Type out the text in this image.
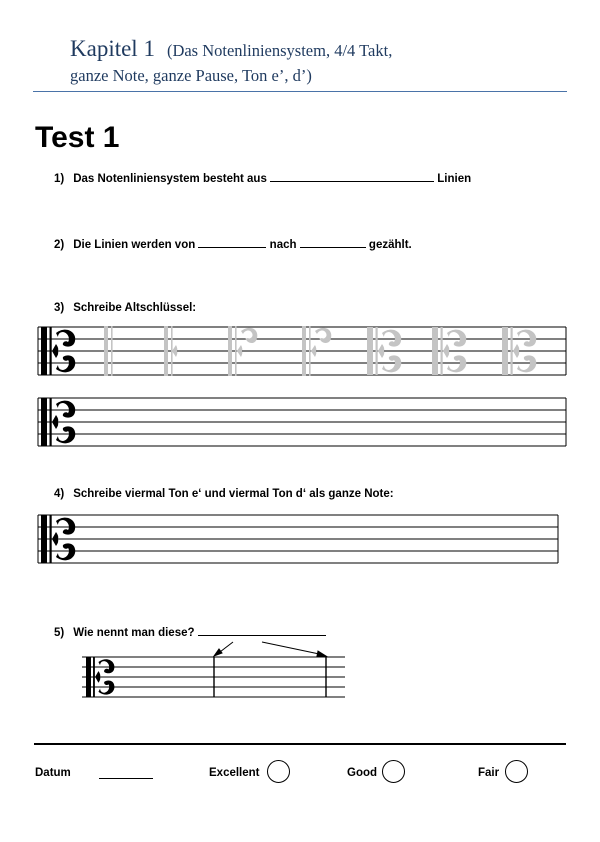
Kapitel 1 (Das Notenliniensystem, 4/4 Takt,
ganze Note, ganze Pause, Ton e’, d’)
Test 1
1) Das Notenliniensystem besteht aus	Linien
2) Die Linien werden von	nach	gezählt.
3) Schreibe Altschlüssel:
4) Schreibe viermal Ton e‘ und viermal Ton d‘ als ganze Note:
5) Wie nennt man diese?
Datum	Excellent	Good	Fair
